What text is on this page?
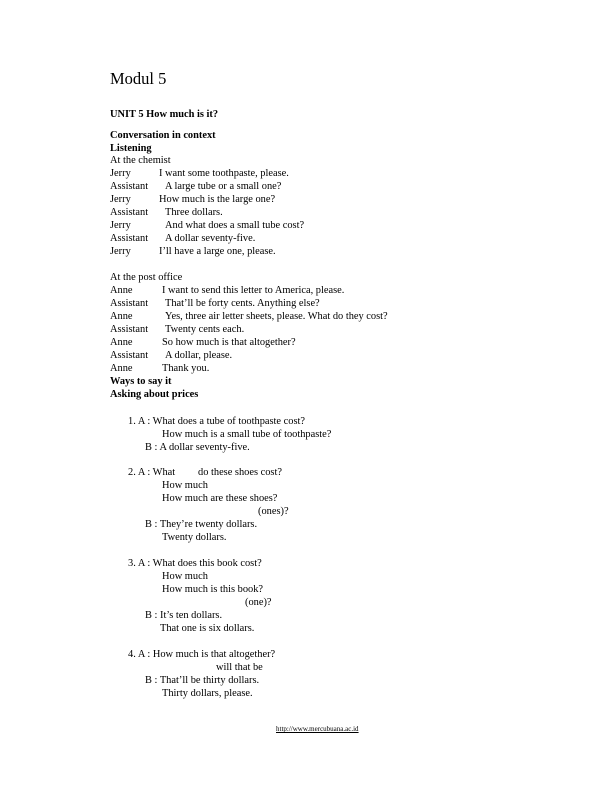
Modul 5
UNIT 5 How much is it?
Conversation in context
Listening
At the chemist
Jerry	I want some toothpaste, please.
Assistant A large tube or a small one?
Jerry	How much is the large one?
Assistant Three dollars.
Jerry	And what does a small tube cost?
Assistant A dollar seventy-five.
Jerry	I’ll have a large one, please.
At the post office
Anne	I want to send this letter to America, please.
Assistant That’ll be forty cents. Anything else?
Anne	Yes, three air letter sheets, please. What do they cost?
Assistant Twenty cents each.
Anne	So how much is that altogether?
Assistant A dollar, please.
Anne	Thank you.
Ways to say it
Asking about prices
1. A : What does a tube of toothpaste cost?
How much is a small tube of toothpaste?
B : A dollar seventy-five.
2. A : What do these shoes cost?
How much
How much are these shoes?
(ones)?
B : They’re twenty dollars.
Twenty dollars.
3. A : What does this book cost?
How much
How much is this book?
(one)?
B : It’s ten dollars.
That one is six dollars.
4. A : How much is that altogether?
will that be
B : That’ll be thirty dollars.
Thirty dollars, please.
http://www.mercubuana.ac.id
